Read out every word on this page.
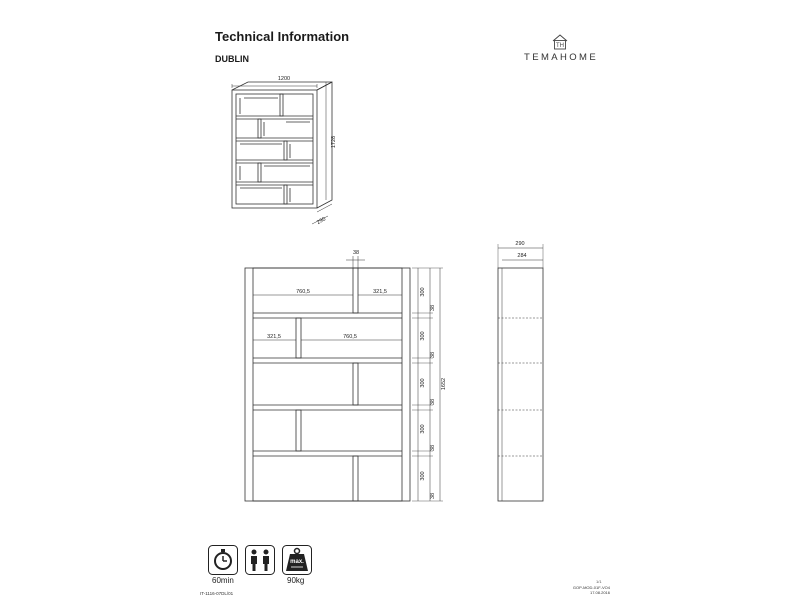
Technical Information
DUBLIN
TH
TEMAHOME
1200
1728
290
38
760,5	321,5
321,5	760,5
300
300
300
300
300
38
38
38
38
38
1652
290
284
max.
60min	90kg
IT-1116-07DL/01
1/1
GOP-MOD-01F-VO4
17.08.2016
